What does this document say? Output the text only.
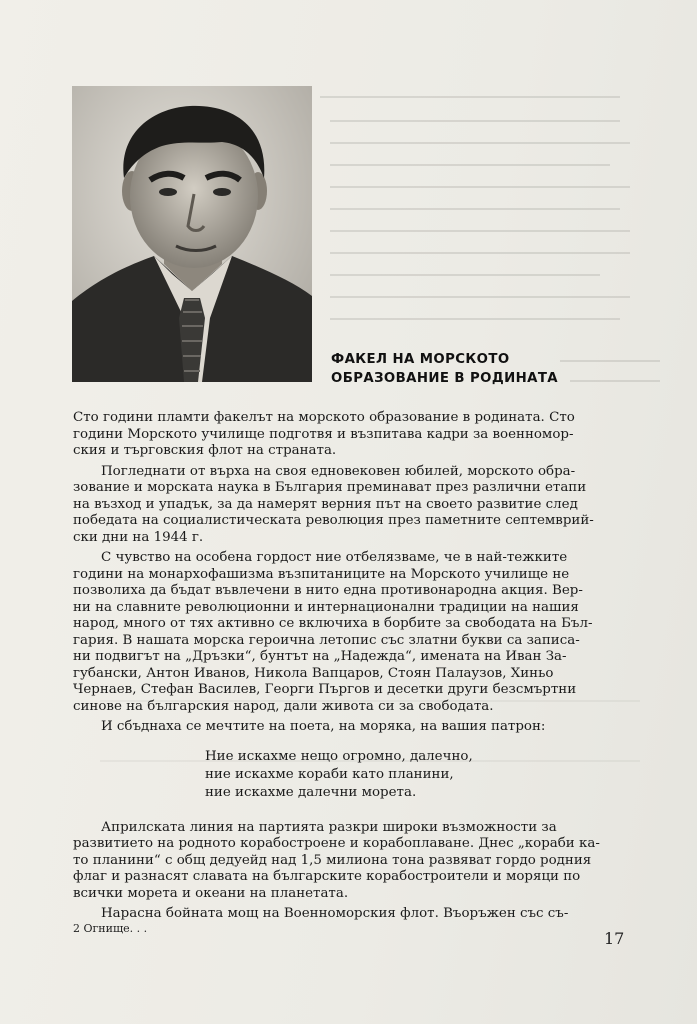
ФАКЕЛ НА МОРСКОТО
ОБРАЗОВАНИЕ В РОДИНАТА
Сто години пламти факелът на морското образование в родината. Сто
години Морското училище подготвя и възпитава кадри за военномор-
ския и търговския флот на страната.
Погледнати от върха на своя едновековен юбилей, морското обра-
зование и морската наука в България преминават през различни етапи
на възход и упадък, за да намерят верния път на своето развитие след
победата на социалистическата революция през паметните септемврий-
ски дни на 1944 г.
С чувство на особена гордост ние отбелязваме, че в най-тежките
години на монархофашизма възпитаниците на Морското училище не
позволиха да бъдат въвлечени в нито една противонародна акция. Вер-
ни на славните революционни и интернационални традиции на нашия
народ, много от тях активно се включиха в борбите за свободата на Бъл-
гария. В нашата морска героична летопис със златни букви са записа-
ни подвигът на „Дръзки“, бунтът на „Надежда“, имената на Иван За-
губански, Антон Иванов, Никола Вапцаров, Стоян Палаузов, Хиньо
Чернаев, Стефан Василев, Георги Пъргов и десетки други безсмъртни
синове на българския народ, дали живота си за свободата.
И сбъднаха се мечтите на поета, на моряка, на вашия патрон:
Ние искахме нещо огромно, далечно,
ние искахме кораби като планини,
ние искахме далечни морета.
Априлската линия на партията разкри широки възможности за
развитието на родното корабостроене и корабоплаване. Днес „кораби ка-
то планини“ с общ дедуейд над 1,5 милиона тона развяват гордо родния
флаг и разнасят славата на българските корабостроители и моряци по
всички морета и океани на планетата.
Нарасна бойната мощ на Военноморския флот. Въоръжен със съ-
2 Огнище. . .
17
